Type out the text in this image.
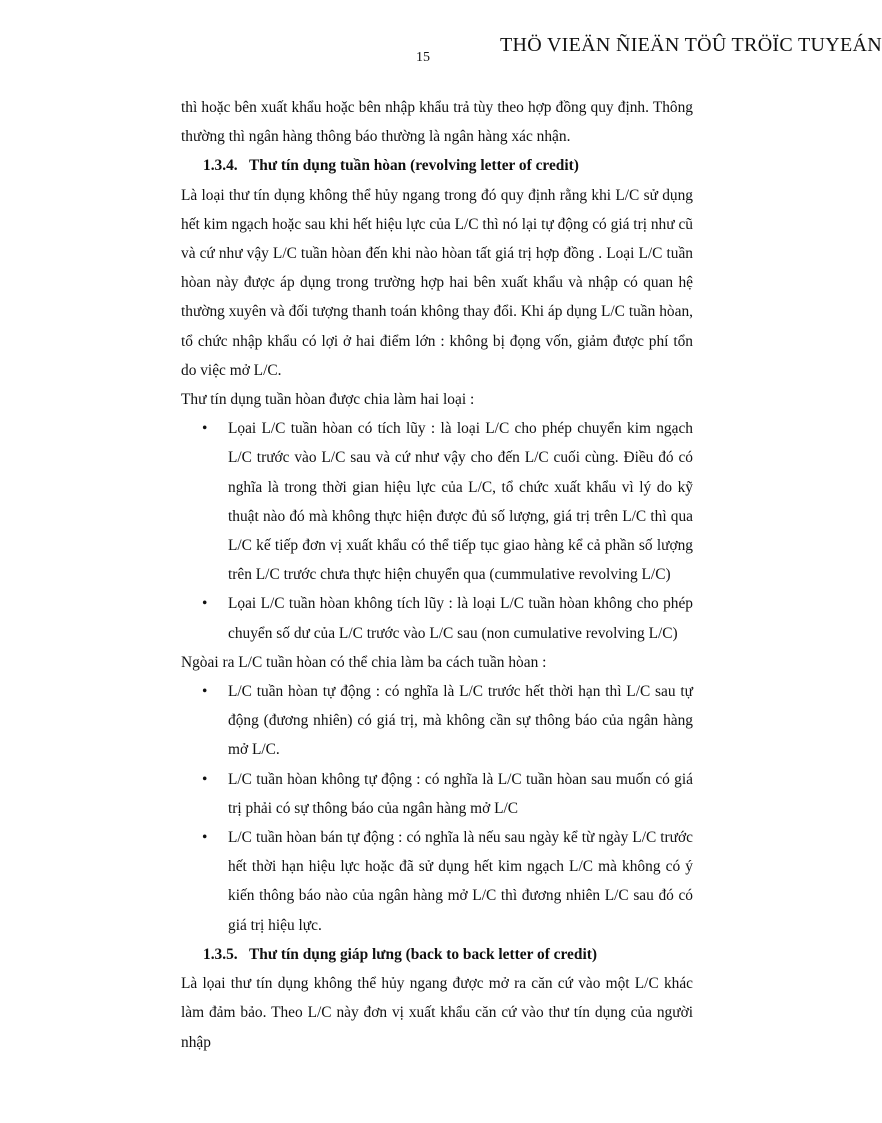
THÖ VIEÄN ÑIEÄN TÖÛ TRÖÏC TUYEÁN
15

thì hoặc bên xuất khẩu hoặc bên nhập khẩu trả tùy theo hợp đồng quy định. Thông thường thì ngân hàng thông báo thường là ngân hàng xác nhận.

1.3.4. Thư tín dụng tuần hòan (revolving letter of credit)

Là loại thư tín dụng không thể hủy ngang trong đó quy định rằng khi L/C sử dụng hết kim ngạch hoặc sau khi hết hiệu lực của L/C thì nó lại tự động có giá trị như cũ và cứ như vậy L/C tuần hòan đến khi nào hòan tất giá trị hợp đồng . Loại L/C tuần hòan này được áp dụng trong trường hợp hai bên xuất khẩu và nhập có quan hệ thường xuyên và đối tượng thanh toán không thay đổi. Khi áp dụng L/C tuần hòan, tổ chức nhập khẩu có lợi ở hai điểm lớn : không bị đọng vốn, giảm được phí tổn do việc mở L/C.

Thư tín dụng tuần hòan được chia làm hai loại :

• Lọai L/C tuần hòan có tích lũy : là loại L/C cho phép chuyển kim ngạch L/C trước vào L/C sau và cứ như vậy cho đến L/C cuối cùng. Điều đó có nghĩa là trong thời gian hiệu lực của L/C, tổ chức xuất khẩu vì lý do kỹ thuật nào đó mà không thực hiện được đủ số lượng, giá trị trên L/C thì qua L/C kế tiếp đơn vị xuất khẩu có thể tiếp tục giao hàng kể cả phần số lượng trên L/C trước chưa thực hiện chuyển qua (cummulative revolving L/C)
• Lọai L/C tuần hòan không tích lũy : là loại L/C tuần hòan không cho phép chuyển số dư của L/C trước vào L/C sau (non cumulative revolving L/C)

Ngòai ra L/C tuần hòan có thể chia làm ba cách tuần hòan :

• L/C tuần hòan tự động : có nghĩa là L/C trước hết thời hạn thì L/C sau tự động (đương nhiên) có giá trị, mà không cần sự thông báo của ngân hàng mở L/C.
• L/C tuần hòan không tự động : có nghĩa là L/C tuần hòan sau muốn có giá trị phải có sự thông báo của ngân hàng mở L/C
• L/C tuần hòan bán tự động : có nghĩa là nếu sau ngày kể từ ngày L/C trước hết thời hạn hiệu lực hoặc đã sử dụng hết kim ngạch L/C mà không có ý kiến thông báo nào của ngân hàng mở L/C thì đương nhiên L/C sau đó có giá trị hiệu lực.

1.3.5. Thư tín dụng giáp lưng (back to back letter of credit)

Là lọai thư tín dụng không thể hủy ngang được mở ra căn cứ vào một L/C khác làm đảm bảo. Theo L/C này đơn vị xuất khẩu căn cứ vào thư tín dụng của người nhập
